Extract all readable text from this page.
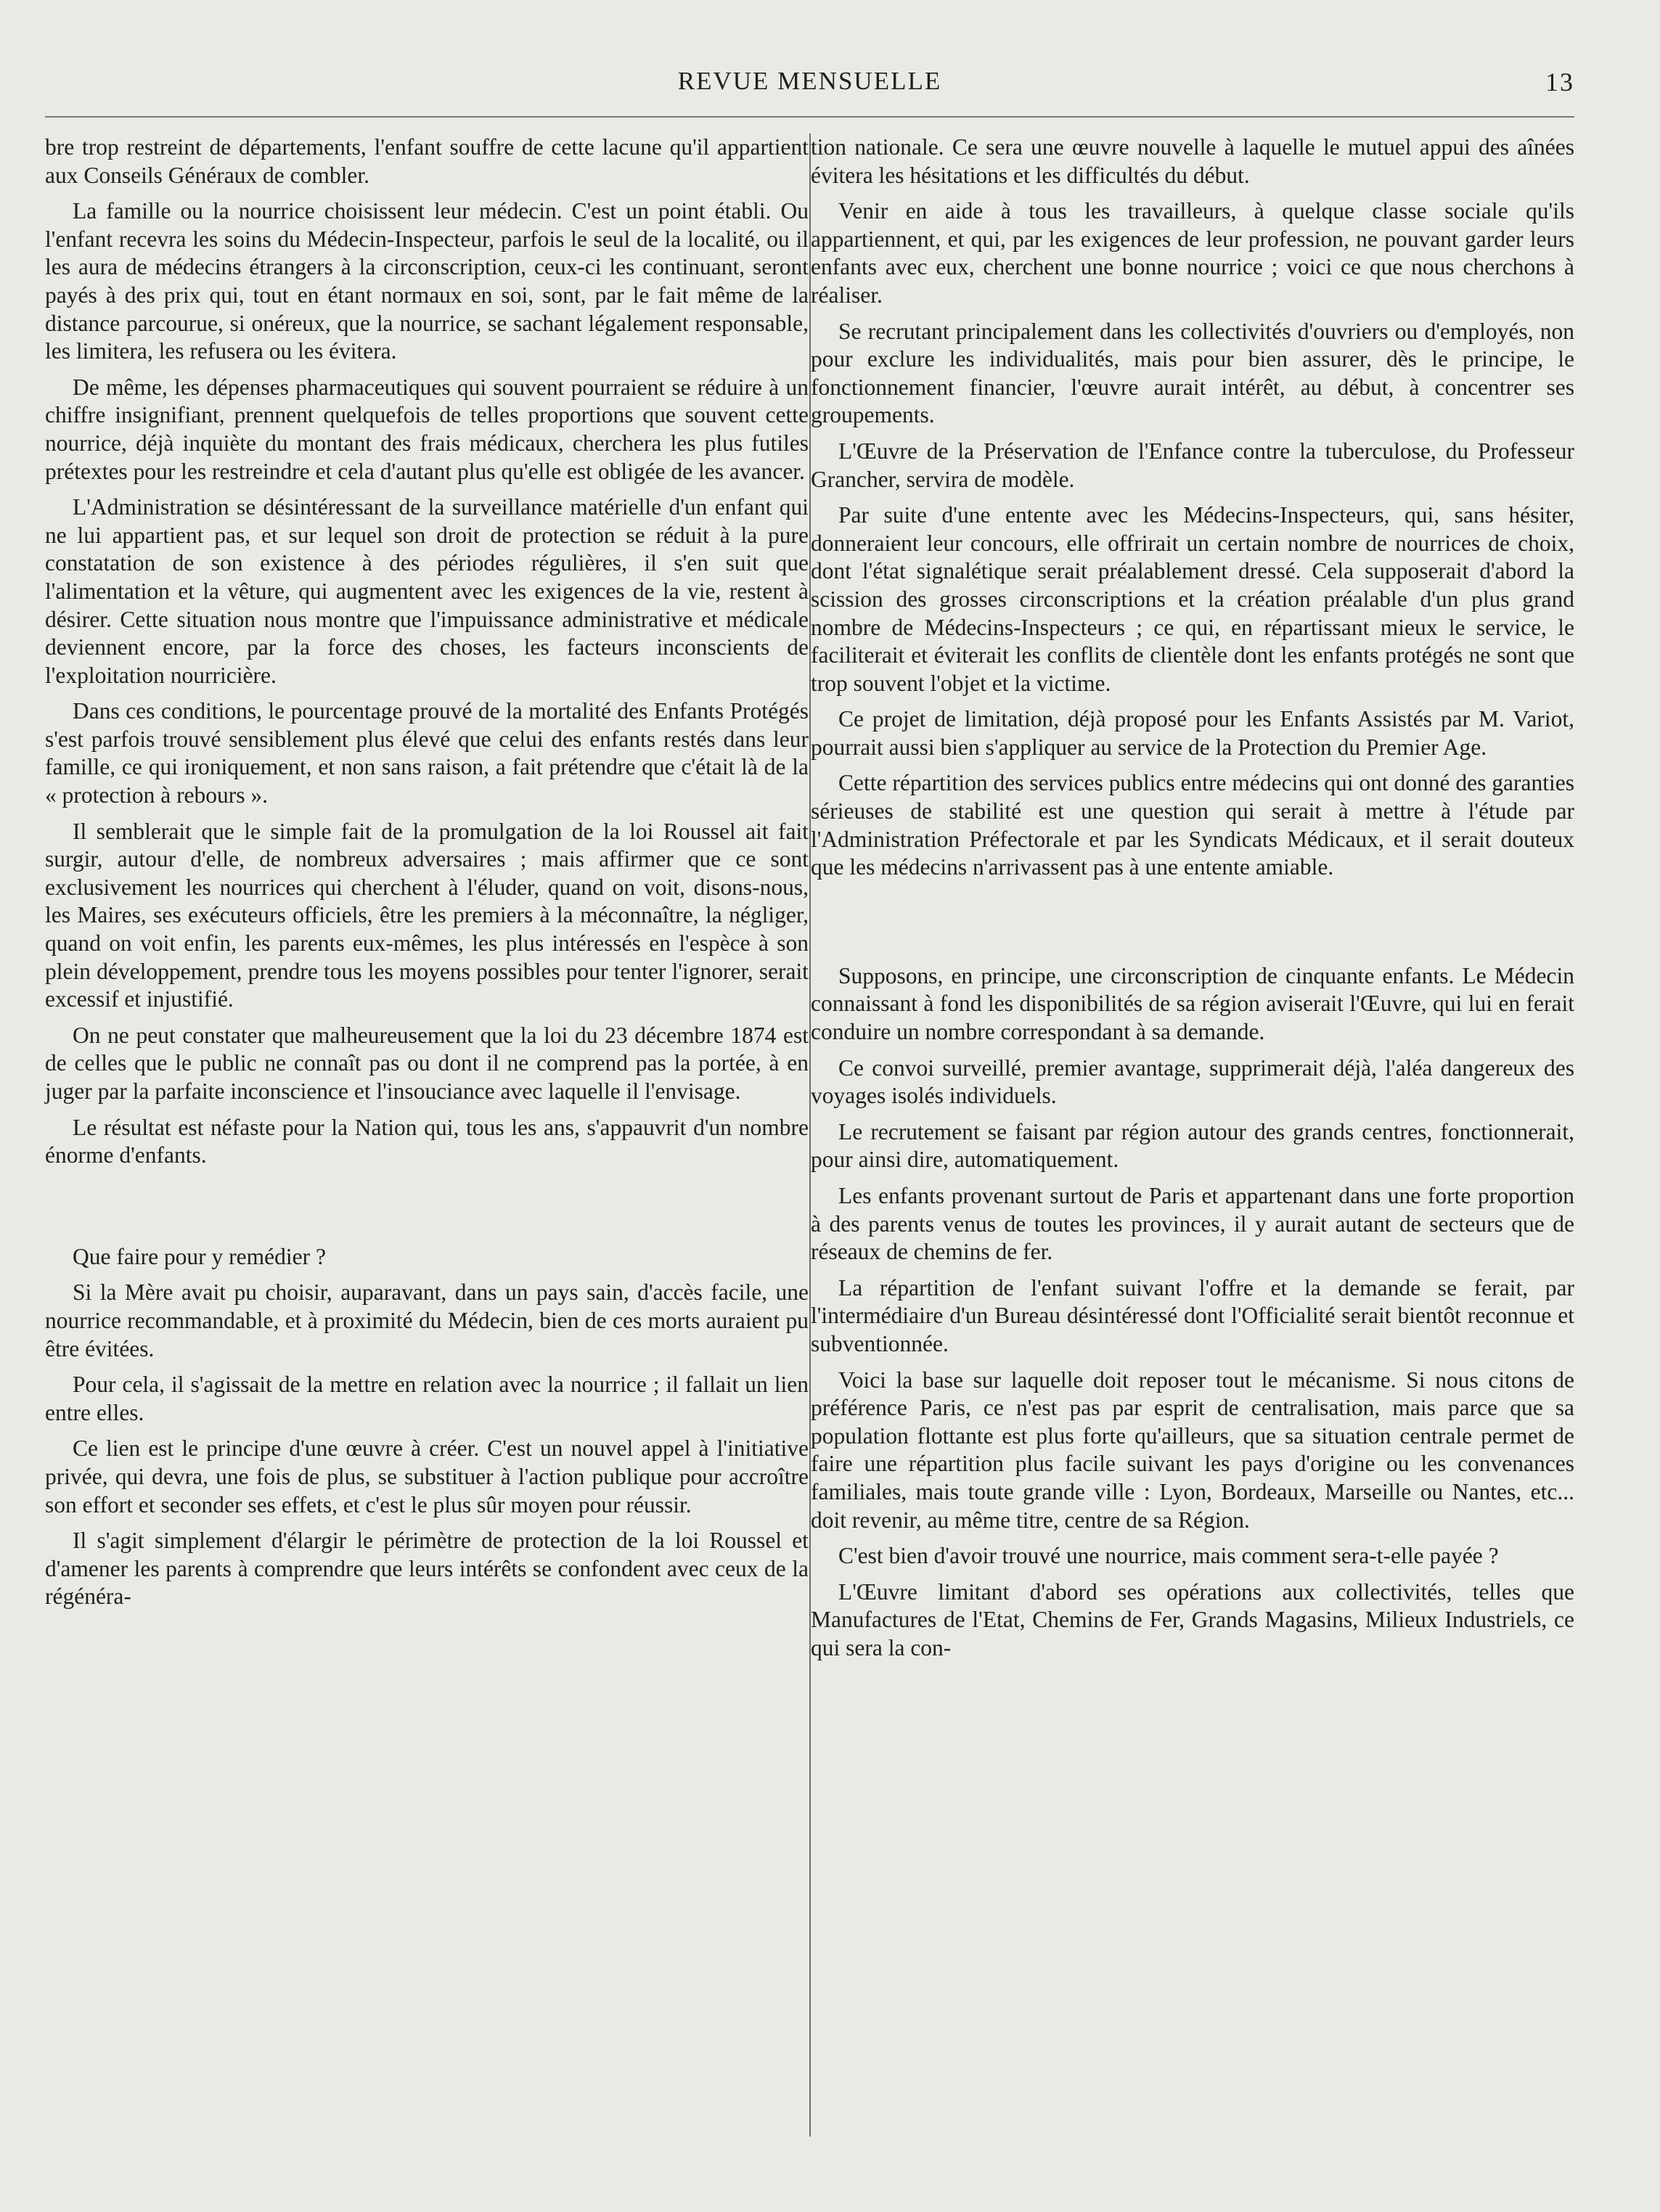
REVUE MENSUELLE	13

bre trop restreint de départements, l'enfant souffre de cette lacune qu'il appartient aux Conseils Généraux de combler.

La famille ou la nourrice choisissent leur médecin. C'est un point établi. Ou l'enfant recevra les soins du Médecin-Inspecteur, parfois le seul de la localité, ou il les aura de médecins étrangers à la circonscription, ceux-ci les continuant, seront payés à des prix qui, tout en étant normaux en soi, sont, par le fait même de la distance parcourue, si onéreux, que la nourrice, se sachant légalement responsable, les limitera, les refusera ou les évitera.

De même, les dépenses pharmaceutiques qui souvent pourraient se réduire à un chiffre insignifiant, prennent quelquefois de telles proportions que souvent cette nourrice, déjà inquiète du montant des frais médicaux, cherchera les plus futiles prétextes pour les restreindre et cela d'autant plus qu'elle est obligée de les avancer.

L'Administration se désintéressant de la surveillance matérielle d'un enfant qui ne lui appartient pas, et sur lequel son droit de protection se réduit à la pure constatation de son existence à des périodes régulières, il s'en suit que l'alimentation et la vêture, qui augmentent avec les exigences de la vie, restent à désirer. Cette situation nous montre que l'impuissance administrative et médicale deviennent encore, par la force des choses, les facteurs inconscients de l'exploitation nourricière.

Dans ces conditions, le pourcentage prouvé de la mortalité des Enfants Protégés s'est parfois trouvé sensiblement plus élevé que celui des enfants restés dans leur famille, ce qui ironiquement, et non sans raison, a fait prétendre que c'était là de la « protection à rebours ».

Il semblerait que le simple fait de la promulgation de la loi Roussel ait fait surgir, autour d'elle, de nombreux adversaires ; mais affirmer que ce sont exclusivement les nourrices qui cherchent à l'éluder, quand on voit, disons-nous, les Maires, ses exécuteurs officiels, être les premiers à la méconnaître, la négliger, quand on voit enfin, les parents eux-mêmes, les plus intéressés en l'espèce à son plein développement, prendre tous les moyens possibles pour tenter l'ignorer, serait excessif et injustifié.

On ne peut constater que malheureusement que la loi du 23 décembre 1874 est de celles que le public ne connaît pas ou dont il ne comprend pas la portée, à en juger par la parfaite inconscience et l'insouciance avec laquelle il l'envisage.

Le résultat est néfaste pour la Nation qui, tous les ans, s'appauvrit d'un nombre énorme d'enfants.

Que faire pour y remédier ?

Si la Mère avait pu choisir, auparavant, dans un pays sain, d'accès facile, une nourrice recommandable, et à proximité du Médecin, bien de ces morts auraient pu être évitées.

Pour cela, il s'agissait de la mettre en relation avec la nourrice ; il fallait un lien entre elles.

Ce lien est le principe d'une œuvre à créer. C'est un nouvel appel à l'initiative privée, qui devra, une fois de plus, se substituer à l'action publique pour accroître son effort et seconder ses effets, et c'est le plus sûr moyen pour réussir.

Il s'agit simplement d'élargir le périmètre de protection de la loi Roussel et d'amener les parents à comprendre que leurs intérêts se confondent avec ceux de la régénéra-

tion nationale. Ce sera une œuvre nouvelle à laquelle le mutuel appui des aînées évitera les hésitations et les difficultés du début.

Venir en aide à tous les travailleurs, à quelque classe sociale qu'ils appartiennent, et qui, par les exigences de leur profession, ne pouvant garder leurs enfants avec eux, cherchent une bonne nourrice ; voici ce que nous cherchons à réaliser.

Se recrutant principalement dans les collectivités d'ouvriers ou d'employés, non pour exclure les individualités, mais pour bien assurer, dès le principe, le fonctionnement financier, l'œuvre aurait intérêt, au début, à concentrer ses groupements.

L'Œuvre de la Préservation de l'Enfance contre la tuberculose, du Professeur Grancher, servira de modèle.

Par suite d'une entente avec les Médecins-Inspecteurs, qui, sans hésiter, donneraient leur concours, elle offrirait un certain nombre de nourrices de choix, dont l'état signalétique serait préalablement dressé. Cela supposerait d'abord la scission des grosses circonscriptions et la création préalable d'un plus grand nombre de Médecins-Inspecteurs ; ce qui, en répartissant mieux le service, le faciliterait et éviterait les conflits de clientèle dont les enfants protégés ne sont que trop souvent l'objet et la victime.

Ce projet de limitation, déjà proposé pour les Enfants Assistés par M. Variot, pourrait aussi bien s'appliquer au service de la Protection du Premier Age.

Cette répartition des services publics entre médecins qui ont donné des garanties sérieuses de stabilité est une question qui serait à mettre à l'étude par l'Administration Préfectorale et par les Syndicats Médicaux, et il serait douteux que les médecins n'arrivassent pas à une entente amiable.

Supposons, en principe, une circonscription de cinquante enfants. Le Médecin connaissant à fond les disponibilités de sa région aviserait l'Œuvre, qui lui en ferait conduire un nombre correspondant à sa demande.

Ce convoi surveillé, premier avantage, supprimerait déjà, l'aléa dangereux des voyages isolés individuels.

Le recrutement se faisant par région autour des grands centres, fonctionnerait, pour ainsi dire, automatiquement.

Les enfants provenant surtout de Paris et appartenant dans une forte proportion à des parents venus de toutes les provinces, il y aurait autant de secteurs que de réseaux de chemins de fer.

La répartition de l'enfant suivant l'offre et la demande se ferait, par l'intermédiaire d'un Bureau désintéressé dont l'Officialité serait bientôt reconnue et subventionnée.

Voici la base sur laquelle doit reposer tout le mécanisme. Si nous citons de préférence Paris, ce n'est pas par esprit de centralisation, mais parce que sa population flottante est plus forte qu'ailleurs, que sa situation centrale permet de faire une répartition plus facile suivant les pays d'origine ou les convenances familiales, mais toute grande ville : Lyon, Bordeaux, Marseille ou Nantes, etc... doit revenir, au même titre, centre de sa Région.

C'est bien d'avoir trouvé une nourrice, mais comment sera-t-elle payée ?

L'Œuvre limitant d'abord ses opérations aux collectivités, telles que Manufactures de l'Etat, Chemins de Fer, Grands Magasins, Milieux Industriels, ce qui sera la con-
